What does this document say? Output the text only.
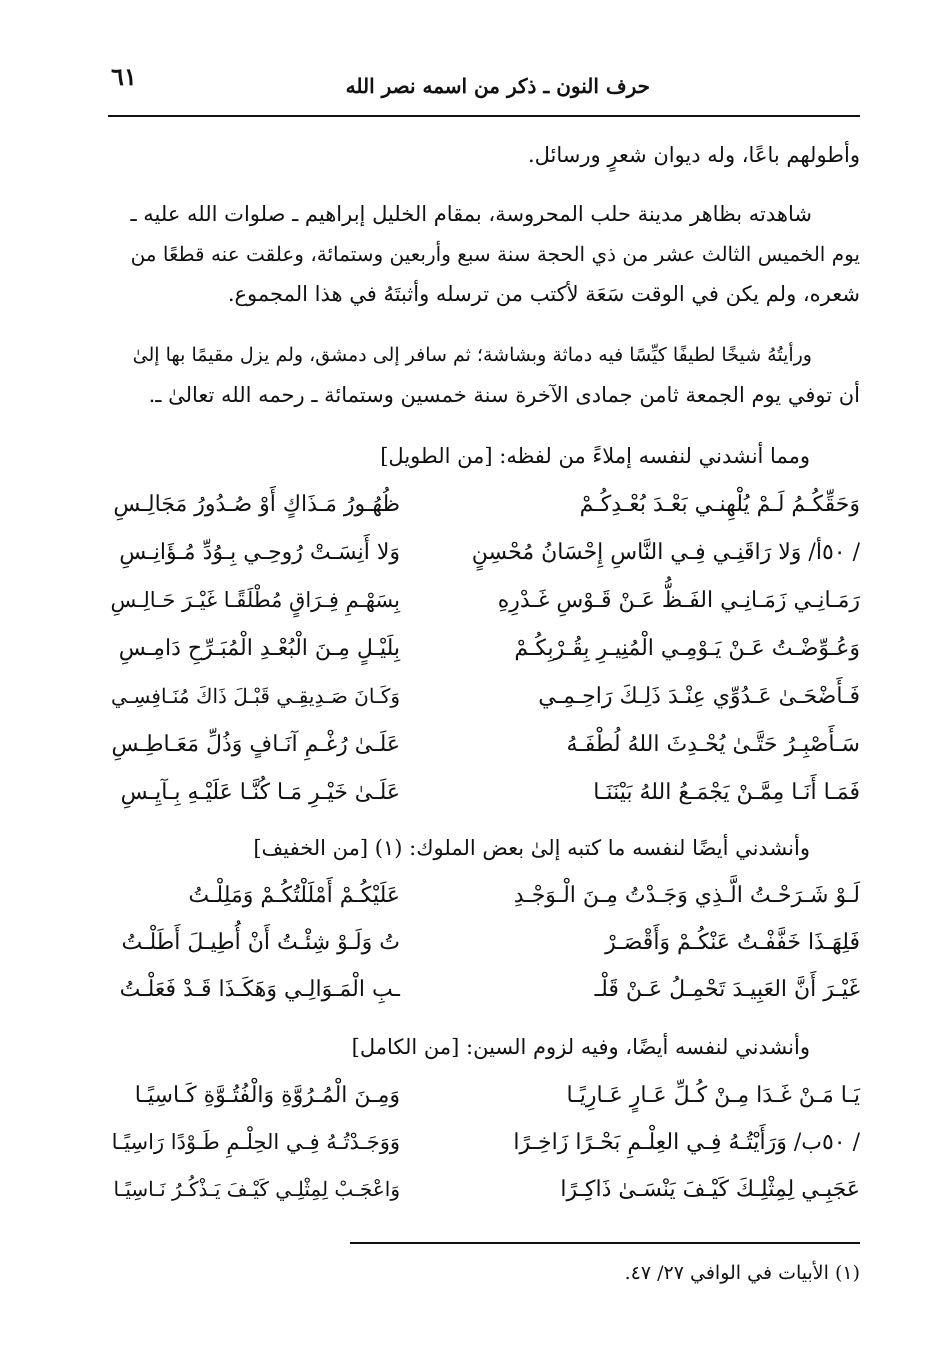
حرف النون ـ ذكر من اسمه نصر الله
٦١
وأطولهم باعًا، وله ديوان شعرٍ ورسائل.
شاهدته بظاهر مدينة حلب المحروسة، بمقام الخليل إبراهيم ـ صلوات الله عليه ـ
يوم الخميس الثالث عشر من ذي الحجة سنة سبع وأربعين وستمائة، وعلقت عنه قطعًا من
شعره، ولم يكن في الوقت سَعَة لأكتب من ترسله وأثبتَهُ في هذا المجموع.
ورأيتُهُ شيخًا لطيفًا كيِّسًا فيه دماثة وبشاشة؛ ثم سافر إلى دمشق، ولم يزل مقيمًا بها إلىٰ
أن توفي يوم الجمعة ثامن جمادى الآخرة سنة خمسين وستمائة ـ رحمه الله تعالىٰ ـ.
ومما أنشدني لنفسه إملاءً من لفظه: [من الطويل]
وَحَقِّكُـمُ لَـمْ يُلْهِنـي بَعْـدَ بُعْـدِكُـمْ
ظُهُـورُ مَـذَاكٍ أَوْ صُـدُورُ مَجَالِـسِ
/ ٥٠أ/ وَلا رَاقَنِـي فِـي النَّاسِ إِحْسَانُ مُحْسِنٍ
وَلا أَنِسَـتْ رُوحِـي بِـوُدِّ مُـؤَانِـسِ
رَمَـانِـي زَمَـانِـي الفَـظُّ عَـنْ قَـوْسِ غَـدْرِهِ
بِسَهْـمِ فِـرَاقٍ مُطْلَقًـا غَيْـرَ حَـالِـسِ
وَعُـوِّضْـتُ عَـنْ يَـوْمِـي الْمُنِيـرِ بِقُـرْبِكُـمْ
بِلَيْـلٍ مِـنَ الْبُعْـدِ الْمُبَـرِّحِ دَامِـسِ
فَـأَضْحَـىٰ عَـدُوِّي عِنْـدَ ذَلِـكَ رَاحِـمِـي
وَكَـانَ صَـدِيقِـي قَبْـلَ ذَاكَ مُنَـافِسِـي
سَـأَصْبِـرُ حَتَّـىٰ يُحْـدِثَ اللهُ لُطْفَـهُ
عَلَـىٰ رُغْـمِ آنَـافٍ وَذُلِّ مَعَـاطِـسِ
فَمَـا أَنَـا مِمَّـنْ يَجْمَـعُ اللهُ بَيْنَنَـا
عَلَـىٰ خَيْـرِ مَـا كُنَّـا عَلَيْـهِ بِـآيِـسِ
وأنشدني أيضًا لنفسه ما كتبه إلىٰ بعض الملوك: (١) [من الخفيف]
لَـوْ شَـرَحْـتُ الَّـذِي وَجَـدْتُ مِـنَ الْـوَجْـدِ
عَلَيْكُـمْ أَمْلَلْتُكُـمْ وَمَلِلْـتُ
فَلِهَـذَا خَفَّفْـتُ عَنْكُـمْ وَأَقْصَـرْ
تُ وَلَـوْ شِئْـتُ أَنْ أُطِيـلَ أَطَلْـتُ
غَيْـرَ أَنَّ العَبِيـدَ تَحْمِـلُ عَـنْ قَلْـ
ـبِ الْمَـوَالِـي وَهَكَـذَا قَـدْ فَعَلْـتُ
وأنشدني لنفسه أيضًا، وفيه لزوم السين: [من الكامل]
يَـا مَـنْ غَـدَا مِـنْ كُـلِّ عَـارٍ عَـارِيًـا
وَمِـنَ الْمُـرُوَّةِ وَالْفُتُـوَّةِ كَـاسِيًـا
/ ٥٠ب/ وَرَأَيْتُـهُ فِـي العِلْـمِ بَحْـرًا زَاخِـرًا
وَوَجَـدْتُـهُ فِـي الحِلْـمِ طَـوْدًا رَاسِيًـا
عَجَبِـي لِمِثْلِـكَ كَيْـفَ يَنْسَـىٰ ذَاكِـرًا
وَاعْجَـبْ لِمِثْلِـي كَيْـفَ يَـذْكُـرُ نَـاسِيًـا
(١) الأبيات في الوافي ٢٧/ ٤٧.
